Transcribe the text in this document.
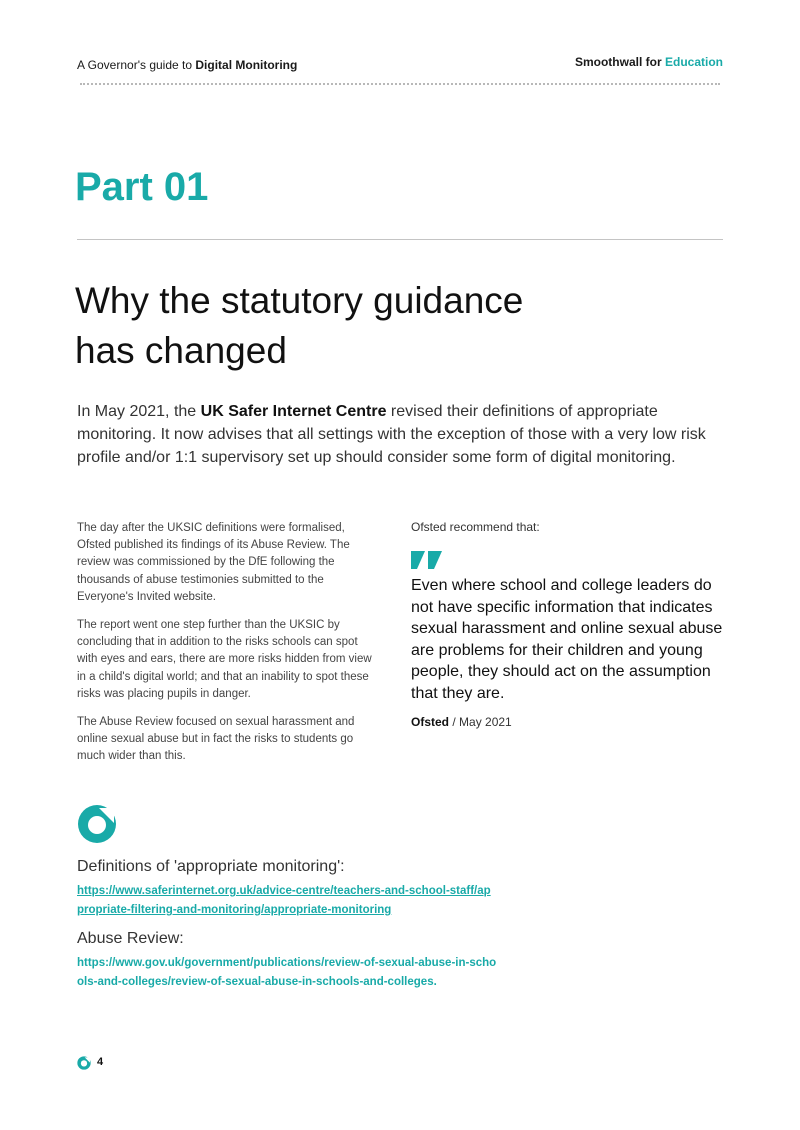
A Governor's guide to Digital Monitoring	Smoothwall for Education
Part 01
Why the statutory guidance
has changed

In May 2021, the UK Safer Internet Centre revised their definitions of appropriate monitoring. It now advises that all settings with the exception of those with a very low risk profile and/or 1:1 supervisory set up should consider some form of digital monitoring.

The day after the UKSIC definitions were formalised, Ofsted published its findings of its Abuse Review. The review was commissioned by the DfE following the thousands of abuse testimonies submitted to the Everyone's Invited website.

The report went one step further than the UKSIC by concluding that in addition to the risks schools can spot with eyes and ears, there are more risks hidden from view in a child's digital world; and that an inability to spot these risks was placing pupils in danger.

The Abuse Review focused on sexual harassment and online sexual abuse but in fact the risks to students go much wider than this.

Ofsted recommend that:

Even where school and college leaders do not have specific information that indicates sexual harassment and online sexual abuse are problems for their children and young people, they should act on the assumption that they are.

Ofsted / May 2021

Definitions of 'appropriate monitoring':

https://www.saferinternet.org.uk/advice-centre/teachers-and-school-staff/appropriate-filtering-and-monitoring/appropriate-monitoring

Abuse Review:

https://www.gov.uk/government/publications/review-of-sexual-abuse-in-schools-and-colleges/review-of-sexual-abuse-in-schools-and-colleges.

4
